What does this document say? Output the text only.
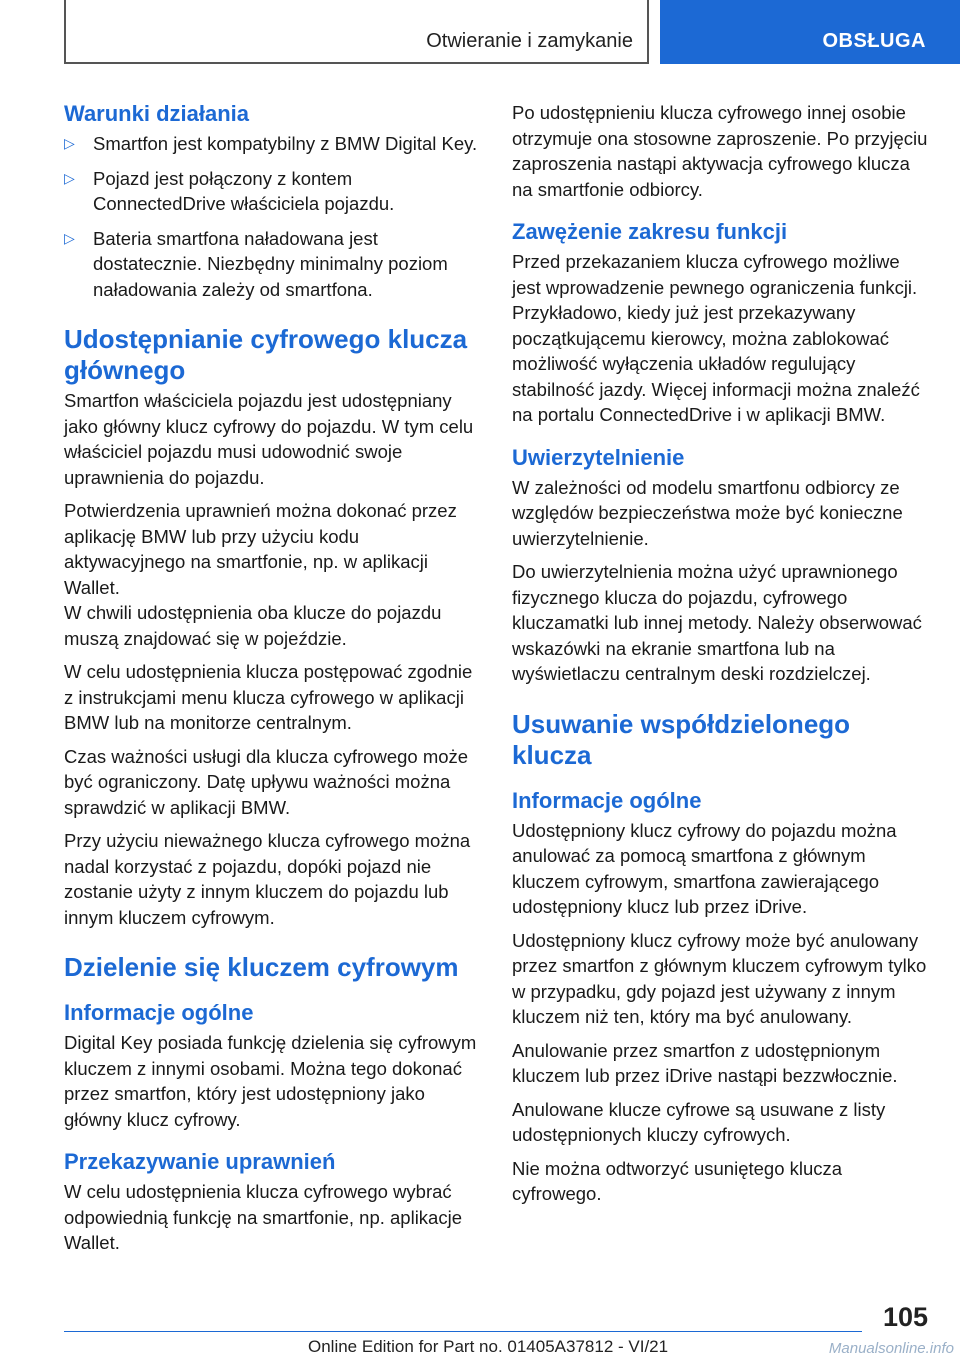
Otwieranie i zamykanie	OBSŁUGA
Warunki działania
▷ Smartfon jest kompatybilny z BMW Digital Key.
▷ Pojazd jest połączony z kontem ConnectedDrive właściciela pojazdu.
▷ Bateria smartfona naładowana jest dostatecznie. Niezbędny minimalny poziom naładowania zależy od smartfona.
Udostępnianie cyfrowego klucza głównego

Smartfon właściciela pojazdu jest udostępniany jako główny klucz cyfrowy do pojazdu. W tym celu właściciel pojazdu musi udowodnić swoje uprawnienia do pojazdu.

Potwierdzenia uprawnień można dokonać przez aplikację BMW lub przy użyciu kodu aktywacyjnego na smartfonie, np. w aplikacji Wallet.
W chwili udostępnienia oba klucze do pojazdu muszą znajdować się w pojeździe.

W celu udostępnienia klucza postępować zgodnie z instrukcjami menu klucza cyfrowego w aplikacji BMW lub na monitorze centralnym.

Czas ważności usługi dla klucza cyfrowego może być ograniczony. Datę upływu ważności można sprawdzić w aplikacji BMW.

Przy użyciu nieważnego klucza cyfrowego można nadal korzystać z pojazdu, dopóki pojazd nie zostanie użyty z innym kluczem do pojazdu lub innym kluczem cyfrowym.

Dzielenie się kluczem cyfrowym
Informacje ogólne

Digital Key posiada funkcję dzielenia się cyfrowym kluczem z innymi osobami. Można tego dokonać przez smartfon, który jest udostępniony jako główny klucz cyfrowy.

Przekazywanie uprawnień

W celu udostępnienia klucza cyfrowego wybrać odpowiednią funkcję na smartfonie, np. aplikacje Wallet.

Po udostępnieniu klucza cyfrowego innej osobie otrzymuje ona stosowne zaproszenie. Po przyjęciu zaproszenia nastąpi aktywacja cyfrowego klucza na smartfonie odbiorcy.

Zawężenie zakresu funkcji

Przed przekazaniem klucza cyfrowego możliwe jest wprowadzenie pewnego ograniczenia funkcji. Przykładowo, kiedy już jest przekazywany początkującemu kierowcy, można zablokować możliwość wyłączenia układów regulujący stabilność jazdy. Więcej informacji można znaleźć na portalu ConnectedDrive i w aplikacji BMW.

Uwierzytelnienie

W zależności od modelu smartfonu odbiorcy ze względów bezpieczeństwa może być konieczne uwierzytelnienie.

Do uwierzytelnienia można użyć uprawnionego fizycznego klucza do pojazdu, cyfrowego kluczamatki lub innej metody. Należy obserwować wskazówki na ekranie smartfona lub na wyświetlaczu centralnym deski rozdzielczej.

Usuwanie współdzielonego klucza
Informacje ogólne

Udostępniony klucz cyfrowy do pojazdu można anulować za pomocą smartfona z głównym kluczem cyfrowym, smartfona zawierającego udostępniony klucz lub przez iDrive.

Udostępniony klucz cyfrowy może być anulowany przez smartfon z głównym kluczem cyfrowym tylko w przypadku, gdy pojazd jest używany z innym kluczem niż ten, który ma być anulowany.

Anulowanie przez smartfon z udostępnionym kluczem lub przez iDrive nastąpi bezzwłocznie.

Anulowane klucze cyfrowe są usuwane z listy udostępnionych kluczy cyfrowych.

Nie można odtworzyć usuniętego klucza cyfrowego.

105
Online Edition for Part no. 01405A37812 - VI/21	Manualsonline.info
